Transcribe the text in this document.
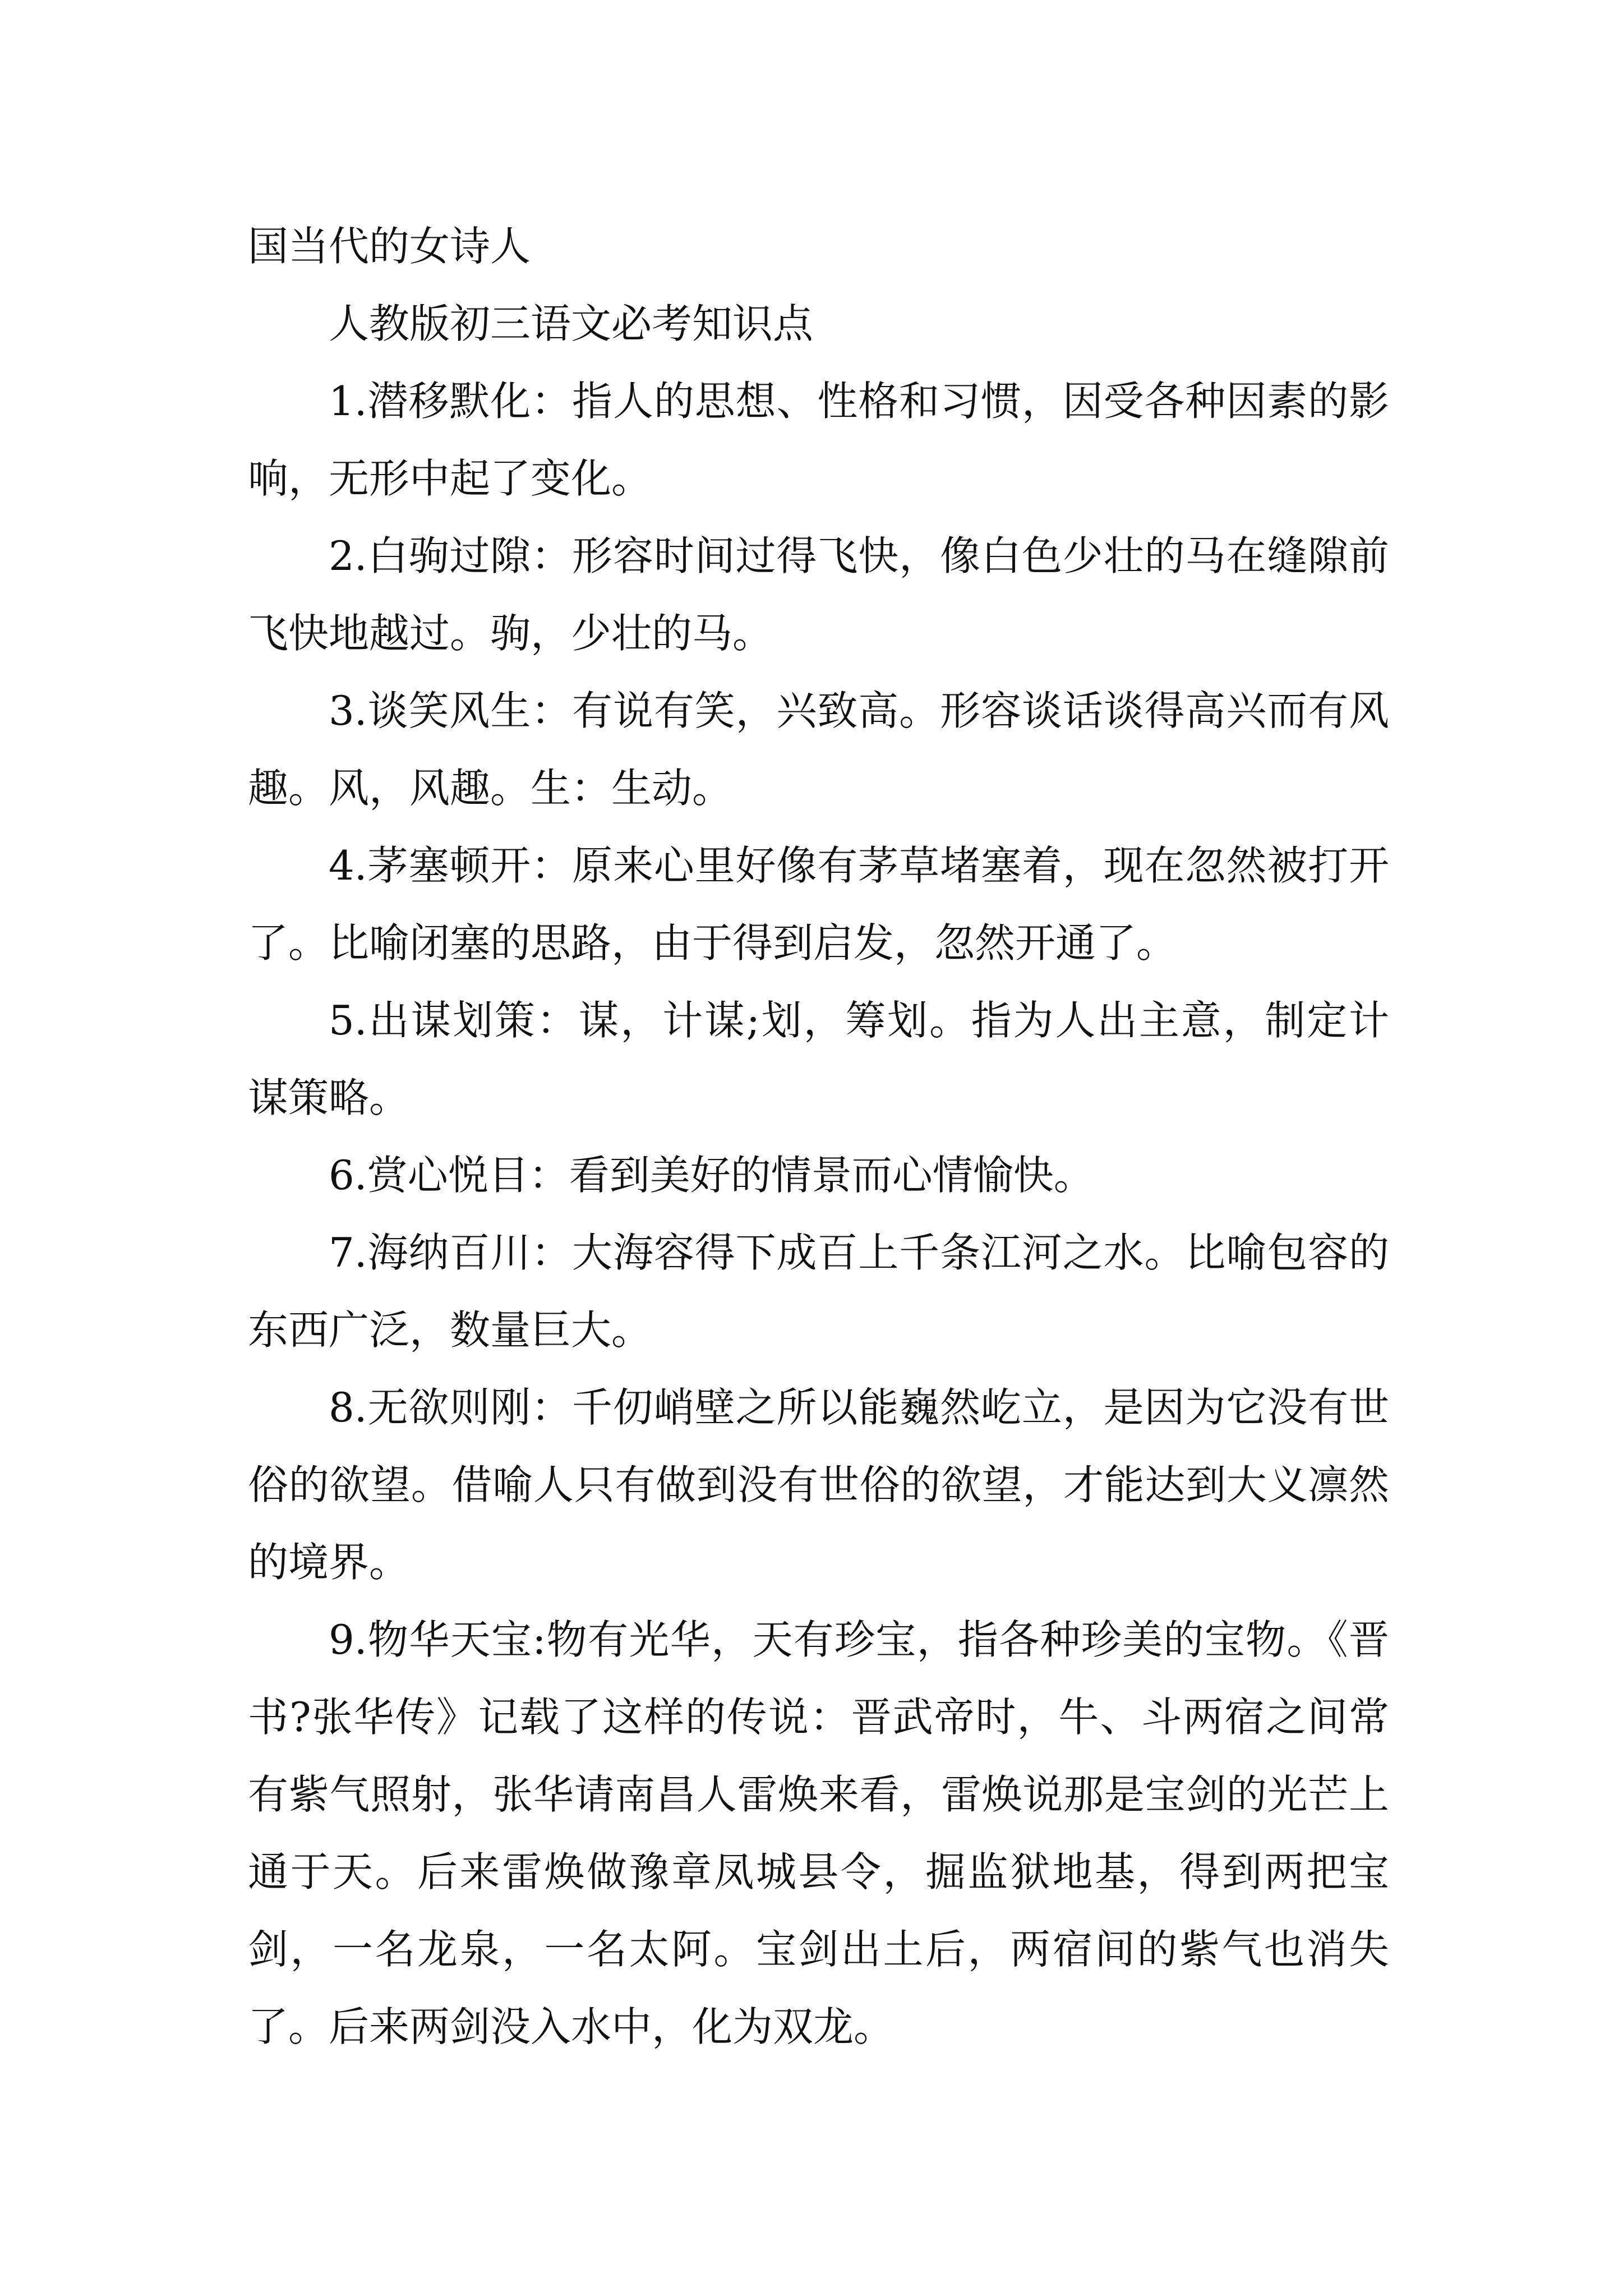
国当代的女诗人

人教版初三语文必考知识点

1.潜移默化：指人的思想、性格和习惯，因受各种因素的影响，无形中起了变化。

2.白驹过隙：形容时间过得飞快，像白色少壮的马在缝隙前飞快地越过。驹，少壮的马。

3.谈笑风生：有说有笑，兴致高。形容谈话谈得高兴而有风趣。风，风趣。生：生动。

4.茅塞顿开：原来心里好像有茅草堵塞着，现在忽然被打开了。比喻闭塞的思路，由于得到启发，忽然开通了。

5.出谋划策：谋，计谋;划，筹划。指为人出主意，制定计谋策略。

6.赏心悦目：看到美好的情景而心情愉快。

7.海纳百川：大海容得下成百上千条江河之水。比喻包容的东西广泛，数量巨大。

8.无欲则刚：千仞峭壁之所以能巍然屹立，是因为它没有世俗的欲望。借喻人只有做到没有世俗的欲望，才能达到大义凛然的境界。

9.物华天宝:物有光华，天有珍宝，指各种珍美的宝物。《晋书?张华传》记载了这样的传说：晋武帝时，牛、斗两宿之间常有紫气照射，张华请南昌人雷焕来看，雷焕说那是宝剑的光芒上通于天。后来雷焕做豫章凤城县令，掘监狱地基，得到两把宝剑，一名龙泉，一名太阿。宝剑出土后，两宿间的紫气也消失了。后来两剑没入水中，化为双龙。
